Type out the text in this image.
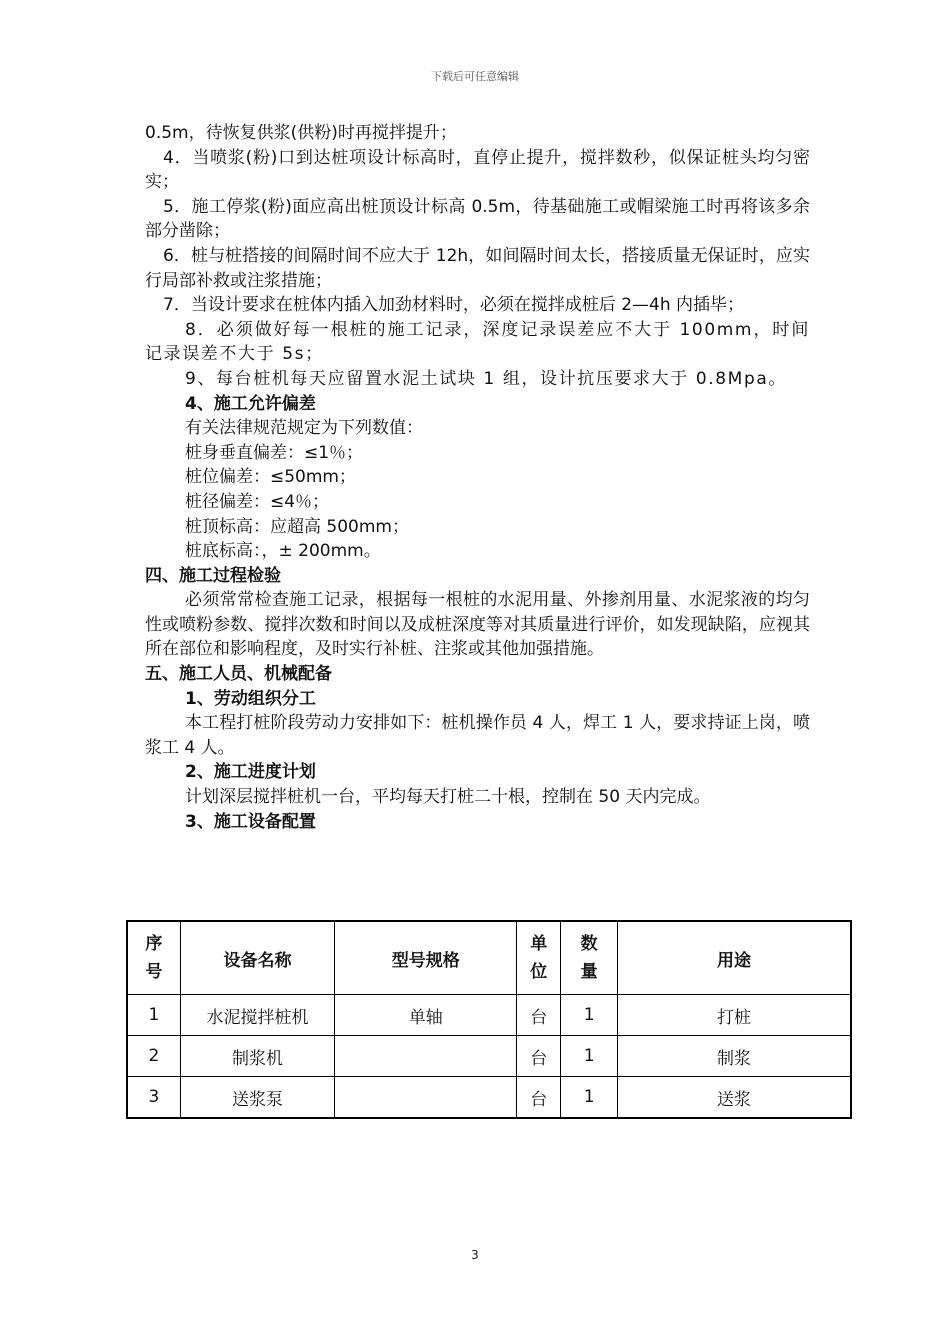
下载后可任意编辑

0.5m，待恢复供浆(供粉)时再搅拌提升；

4．当喷浆(粉)口到达桩项设计标高时，直停止提升，搅拌数秒，似保证桩头均匀密实；

5．施工停浆(粉)面应高出桩顶设计标高 0.5m，待基础施工或帽梁施工时再将该多余部分凿除；

6．桩与桩搭接的间隔时间不应大于 12h，如间隔时间太长，搭接质量无保证时，应实行局部补救或注浆措施；

7．当设计要求在桩体内插入加劲材料时，必须在搅拌成桩后 2—4h 内插毕；

8．必须做好每一根桩的施工记录，深度记录误差应不大于 100mm，时间记录误差不大于 5s；

9、每台桩机每天应留置水泥土试块 1 组，设计抗压要求大于 0.8Mpa。

4、施工允许偏差

有关法律规范规定为下列数值：

桩身垂直偏差：≤1％；

桩位偏差：≤50mm；

桩径偏差：≤4％；

桩顶标高：应超高 500mm；

桩底标高：，± 200mm。

四、施工过程检验

必须常常检查施工记录，根据每一根桩的水泥用量、外掺剂用量、水泥浆液的均匀性或喷粉参数、搅拌次数和时间以及成桩深度等对其质量进行评价，如发现缺陷，应视其所在部位和影响程度，及时实行补桩、注浆或其他加强措施。

五、施工人员、机械配备

1、劳动组织分工

本工程打桩阶段劳动力安排如下：桩机操作员 4 人，焊工 1 人，要求持证上岗，喷浆工 4 人。

2、施工进度计划

计划深层搅拌桩机一台，平均每天打桩二十根，控制在 50 天内完成。

3、施工设备配置

序号	设备名称	型号规格	单位	数量	用途
1	水泥搅拌桩机	单轴	台	1	打桩
2	制浆机		台	1	制浆
3	送浆泵		台	1	送浆
3
